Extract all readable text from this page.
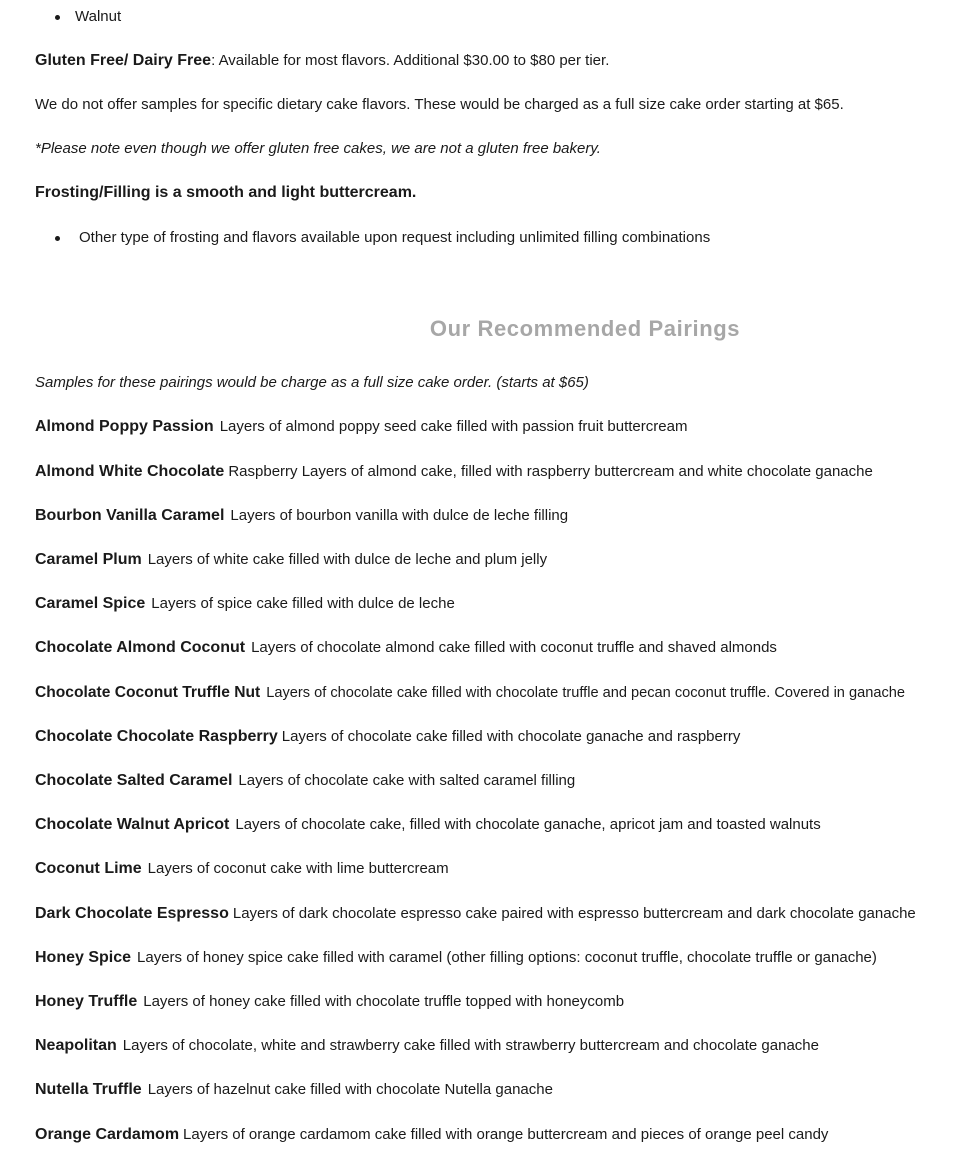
Walnut
Gluten Free/ Dairy Free: Available for most flavors. Additional $30.00 to $80 per tier.
We do not offer samples for specific dietary cake flavors. These would be charged as a full size cake order starting at $65.
*Please note even though we offer gluten free cakes, we are not a gluten free bakery.
Frosting/Filling is a smooth and light buttercream.
Other type of frosting and flavors available upon request including unlimited filling combinations
Our Recommended Pairings
Samples for these pairings would be charge as a full size cake order. (starts at $65)
Almond Poppy Passion Layers of almond poppy seed cake filled with passion fruit buttercream
Almond White Chocolate Raspberry Layers of almond cake, filled with raspberry buttercream and white chocolate ganache
Bourbon Vanilla Caramel Layers of bourbon vanilla with dulce de leche filling
Caramel Plum Layers of white cake filled with dulce de leche and plum jelly
Caramel Spice Layers of spice cake filled with dulce de leche
Chocolate Almond Coconut Layers of chocolate almond cake filled with coconut truffle and shaved almonds
Chocolate Coconut Truffle Nut Layers of chocolate cake filled with chocolate truffle and pecan coconut truffle. Covered in ganache
Chocolate Chocolate Raspberry Layers of chocolate cake filled with chocolate ganache and raspberry
Chocolate Salted Caramel Layers of chocolate cake with salted caramel filling
Chocolate Walnut Apricot Layers of chocolate cake, filled with chocolate ganache, apricot jam and toasted walnuts
Coconut Lime Layers of coconut cake with lime buttercream
Dark Chocolate Espresso Layers of dark chocolate espresso cake paired with espresso buttercream and dark chocolate ganache
Honey Spice Layers of honey spice cake filled with caramel (other filling options: coconut truffle, chocolate truffle or ganache)
Honey Truffle Layers of honey cake filled with chocolate truffle topped with honeycomb
Neapolitan Layers of chocolate, white and strawberry cake filled with strawberry buttercream and chocolate ganache
Nutella Truffle Layers of hazelnut cake filled with chocolate Nutella ganache
Orange Cardamom Layers of orange cardamom cake filled with orange buttercream and pieces of orange peel candy
